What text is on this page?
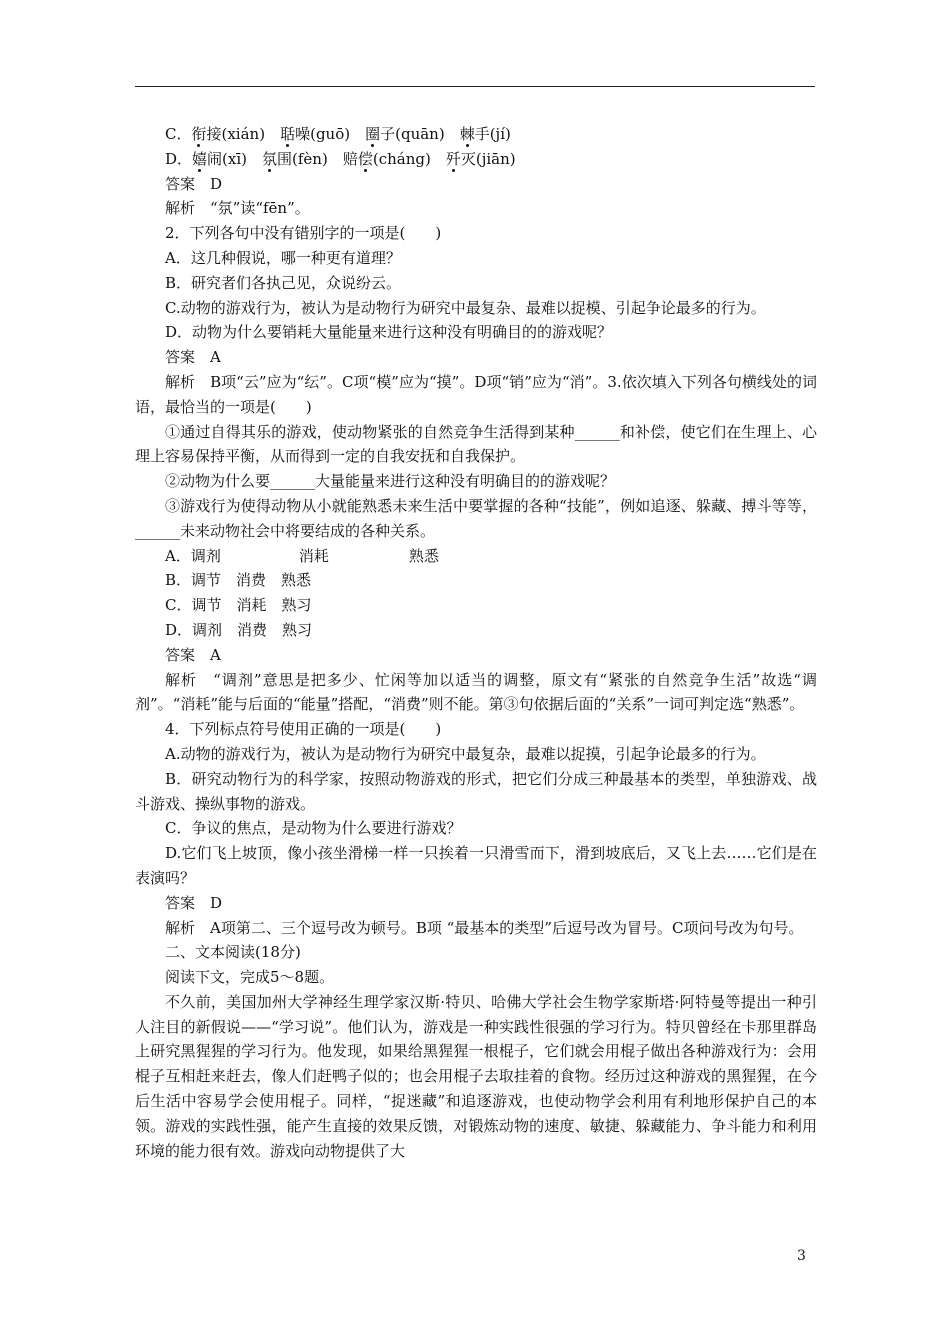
C．衔接(xián)　聒噪(guō)　圈子(quān)　棘手(jí)

D．嬉闹(xī)　氛围(fèn)　赔偿(cháng)　歼灭(jiān)

答案　D

解析　“氛”读“fēn”。

2．下列各句中没有错别字的一项是(　　)

A．这几种假说，哪一种更有道理？

B．研究者们各执己见，众说纷云。

C.动物的游戏行为，被认为是动物行为研究中最复杂、最难以捉模、引起争论最多的行为。

D．动物为什么要销耗大量能量来进行这种没有明确目的的游戏呢？

答案　A

解析　B项“云”应为“纭”。C项“模”应为“摸”。D项“销”应为“消”。3.依次填入下列各句横线处的词语，最恰当的一项是(　　)

①通过自得其乐的游戏，使动物紧张的自然竞争生活得到某种______和补偿，使它们在生理上、心理上容易保持平衡，从而得到一定的自我安抚和自我保护。

②动物为什么要______大量能量来进行这种没有明确目的的游戏呢？

③游戏行为使得动物从小就能熟悉未来生活中要掌握的各种“技能”，例如追逐、躲藏、搏斗等等，______未来动物社会中将要结成的各种关系。

A．调剂	消耗	熟悉

B．调节　消费　熟悉

C．调节　消耗　熟习

D．调剂　消费　熟习

答案　A

解析　“调剂”意思是把多少、忙闲等加以适当的调整，原文有“紧张的自然竞争生活”故选“调剂”。“消耗”能与后面的“能量”搭配，“消费”则不能。第③句依据后面的“关系”一词可判定选“熟悉”。

4．下列标点符号使用正确的一项是(　　)

A.动物的游戏行为，被认为是动物行为研究中最复杂，最难以捉摸，引起争论最多的行为。

B．研究动物行为的科学家，按照动物游戏的形式，把它们分成三种最基本的类型，单独游戏、战斗游戏、操纵事物的游戏。

C．争议的焦点，是动物为什么要进行游戏？

D.它们飞上坡顶，像小孩坐滑梯一样一只挨着一只滑雪而下，滑到坡底后，又飞上去……它们是在表演吗？

答案　D

解析　A项第二、三个逗号改为顿号。B项 “最基本的类型”后逗号改为冒号。C项问号改为句号。

二、文本阅读(18分)

阅读下文，完成5～8题。

不久前，美国加州大学神经生理学家汉斯·特贝、哈佛大学社会生物学家斯塔·阿特曼等提出一种引人注目的新假说——“学习说”。他们认为，游戏是一种实践性很强的学习行为。特贝曾经在卡那里群岛上研究黑猩猩的学习行为。他发现，如果给黑猩猩一根棍子，它们就会用棍子做出各种游戏行为：会用棍子互相赶来赶去，像人们赶鸭子似的；也会用棍子去取挂着的食物。经历过这种游戏的黑猩猩，在今后生活中容易学会使用棍子。同样，“捉迷藏”和追逐游戏，也使动物学会利用有利地形保护自己的本领。游戏的实践性强，能产生直接的效果反馈，对锻炼动物的速度、敏捷、躲藏能力、争斗能力和利用环境的能力很有效。游戏向动物提供了大

3
